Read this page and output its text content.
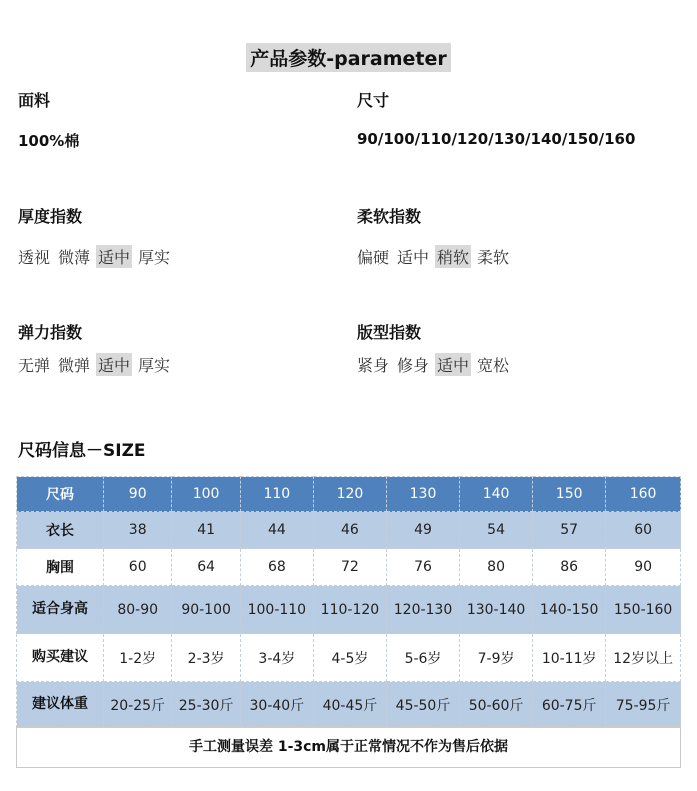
产品参数-parameter
面料
100%棉
尺寸
90/100/110/120/130/140/150/160
厚度指数
透视 微薄 适中 厚实
柔软指数
偏硬 适中 稍软 柔软
弹力指数
无弹 微弹 适中 厚实
版型指数
紧身 修身 适中 宽松
尺码信息－SIZE
尺码	90	100	110	120	130	140	150	160
衣长	38	41	44	46	49	54	57	60
胸围	60	64	68	72	76	80	86	90
适合身高	80-90	90-100	100-110	110-120	120-130	130-140	140-150	150-160
购买建议	1-2岁	2-3岁	3-4岁	4-5岁	5-6岁	7-9岁	10-11岁	12岁以上
建议体重	20-25斤	25-30斤	30-40斤	40-45斤	45-50斤	50-60斤	60-75斤	75-95斤
手工测量误差 1-3cm属于正常情况不作为售后依据
